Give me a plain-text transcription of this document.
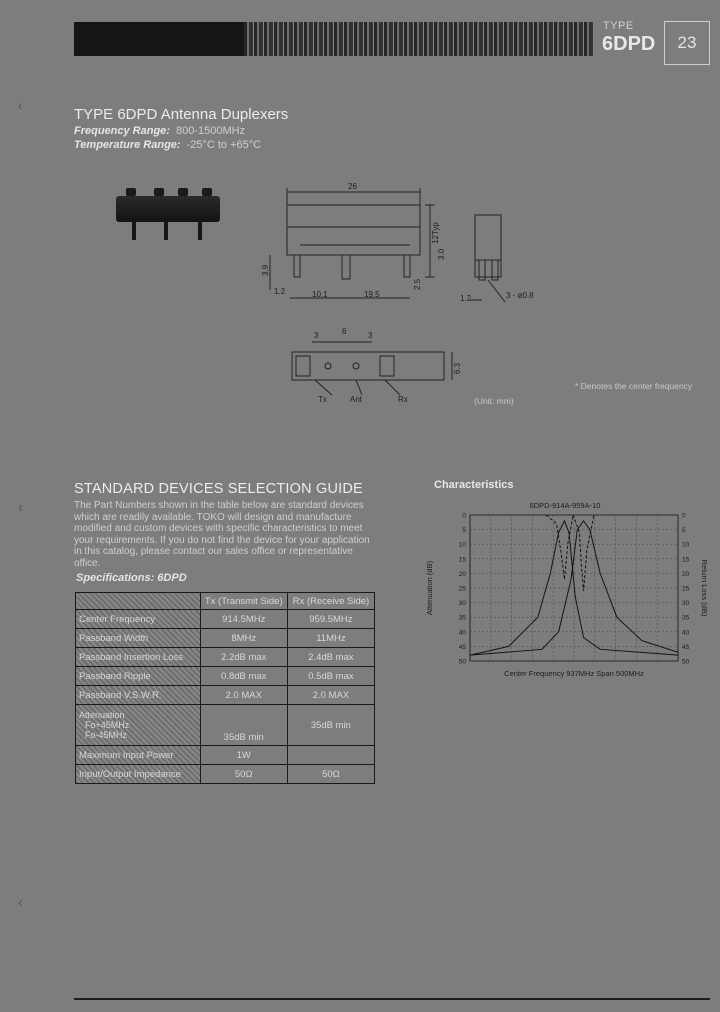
TYPE
6DPD	23
TYPE 6DPD Antenna Duplexers
Frequency Range: 800-1500MHz
Temperature Range: -25°C to +65°C
‹
‹
‹
26
12Typ
3.0
2.5
3.9
1.2	10.1	19.5	1.2	3 - ø0.8
3	6	3
6.3
Tx	Ant	Rx
* Denotes the center frequency
(Unit: mm)
STANDARD DEVICES SELECTION GUIDE
The Part Numbers shown in the table below are standard devices which are readily available. TOKO will design and manufacture modified and custom devices with specific characteristics to meet your requirements. If you do not find the device for your application in this catalog, please contact our sales office or representative office.
Specifications: 6DPD
	Tx (Transmit Side)	Rx (Receive Side)
Center Frequency	914.5MHz	959.5MHz
Passband Width	8MHz	11MHz
Passband Insertion Loss	2.2dB max	2.4dB max
Passband Ripple	0.8dB max	0.5dB max
Passband V.S.W.R.	2.0 MAX	2.0 MAX

Attenuation
Fo+45MHz
Fo-45MHz	35dB min	35dB min
Maximum Input Power	1W	
Input/Output Impedance	50Ω	50Ω
Characteristics
6DPD-914A-959A-10
0	0
5	5
10	10
15	15
20	20
25	25
30	30
35	35
40	40
45	45
50	50
Attenuation (dB)	Return Loss (dB)
Center Frequency 937MHz Span 500MHz
